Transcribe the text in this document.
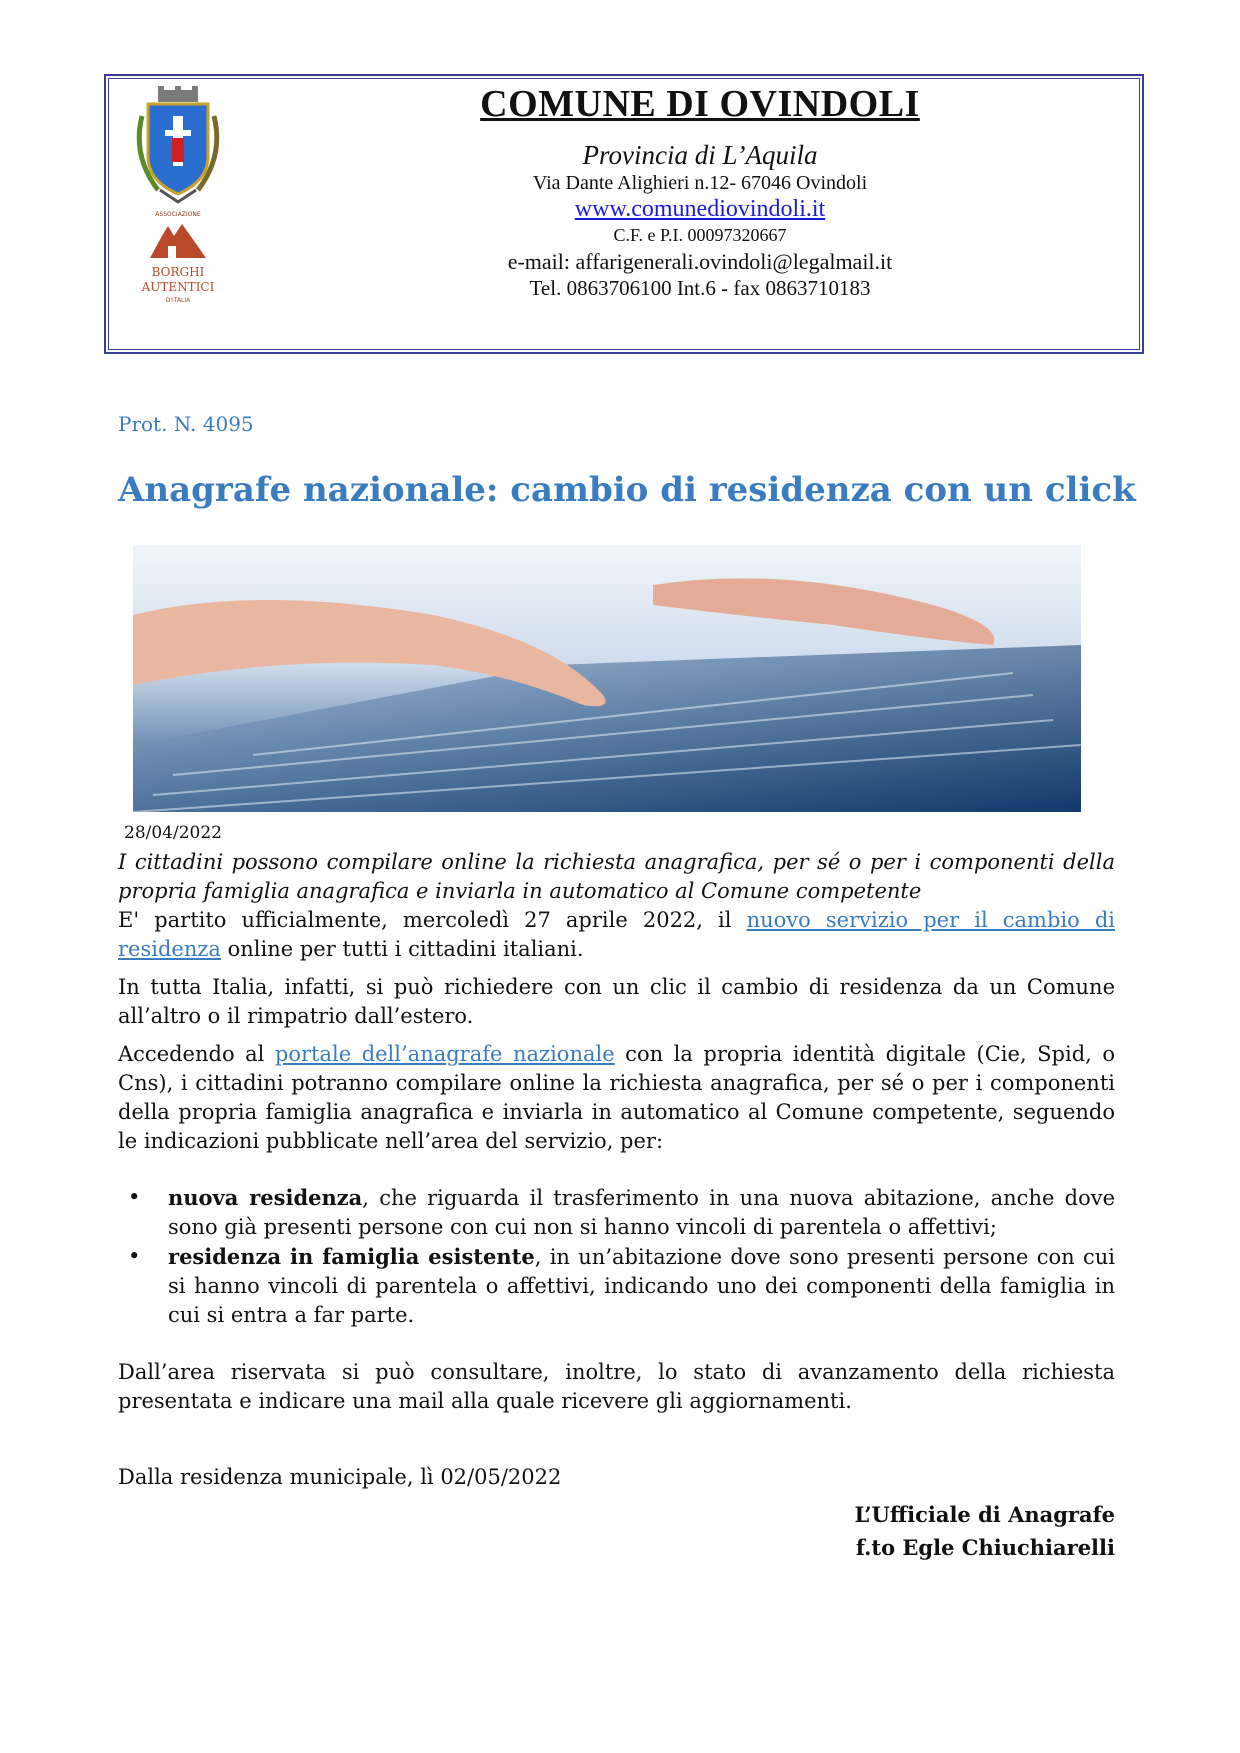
ASSOCIAZIONE
BORGHI
AUTENTICI
D'ITALIA
COMUNE DI OVINDOLI
Provincia di L’Aquila
Via Dante Alighieri n.12- 67046 Ovindoli
www.comunediovindoli.it
C.F. e P.I. 00097320667
e-mail: affarigenerali.ovindoli@legalmail.it
Tel. 0863706100 Int.6 - fax 0863710183
Prot. N. 4095
Anagrafe nazionale: cambio di residenza con un click
28/04/2022
I cittadini possono compilare online la richiesta anagrafica, per sé o per i componenti della propria famiglia anagrafica e inviarla in automatico al Comune competente
E' partito ufficialmente, mercoledì 27 aprile 2022, il nuovo servizio per il cambio di residenza online per tutti i cittadini italiani.
In tutta Italia, infatti, si può richiedere con un clic il cambio di residenza da un Comune all’altro o il rimpatrio dall’estero.
Accedendo al portale dell’anagrafe nazionale con la propria identità digitale (Cie, Spid, o Cns), i cittadini potranno compilare online la richiesta anagrafica, per sé o per i componenti della propria famiglia anagrafica e inviarla in automatico al Comune competente, seguendo le indicazioni pubblicate nell’area del servizio, per:
• nuova residenza, che riguarda il trasferimento in una nuova abitazione, anche dove sono già presenti persone con cui non si hanno vincoli di parentela o affettivi;
• residenza in famiglia esistente, in un’abitazione dove sono presenti persone con cui si hanno vincoli di parentela o affettivi, indicando uno dei componenti della famiglia in cui si entra a far parte.
Dall’area riservata si può consultare, inoltre, lo stato di avanzamento della richiesta presentata e indicare una mail alla quale ricevere gli aggiornamenti.
Dalla residenza municipale, lì 02/05/2022
L’Ufficiale di Anagrafe
f.to Egle Chiuchiarelli
